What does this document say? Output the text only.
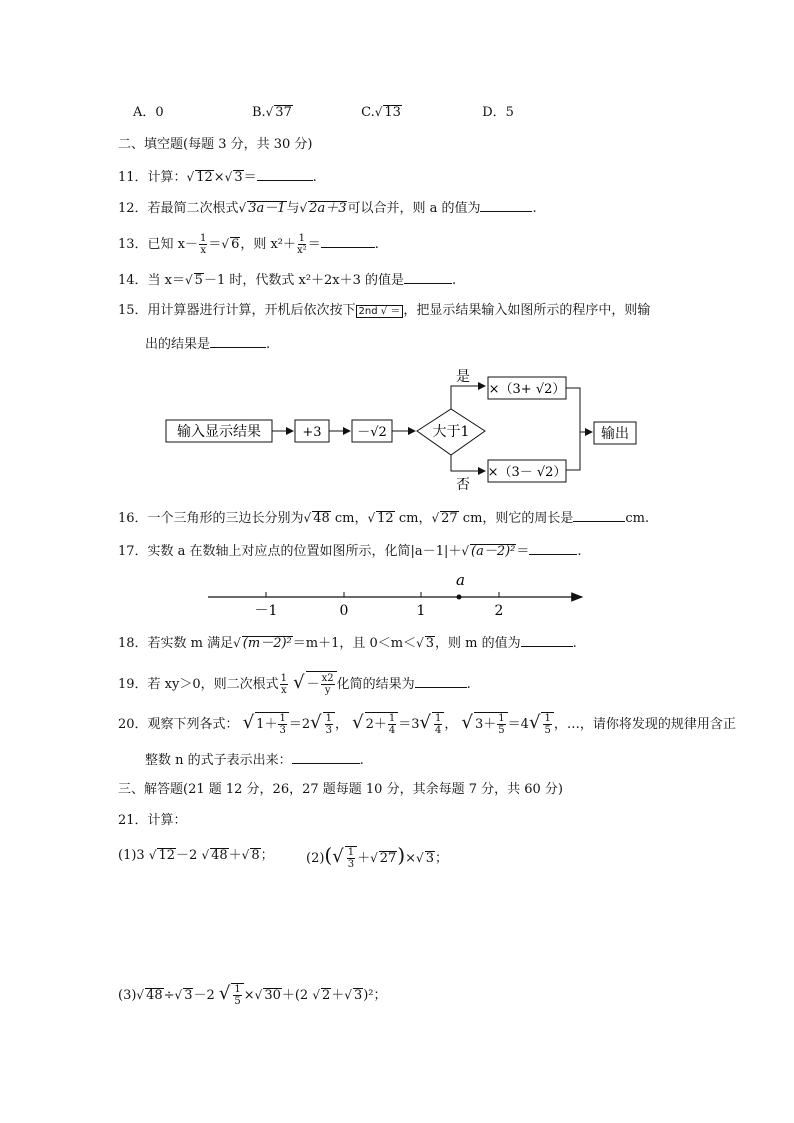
A．0	B.√ 37	C.√ 13	D．5
二、填空题(每题 3 分，共 30 分)
11．计算：√ 12×√ 3＝	.
12．若最简二次根式√ 3a－1与√ 2a＋3可以合并，则 a 的值为	.
13．已知 $x- \frac{1}{x}$ ＝√ 6，则 $x^2+ \frac{1}{\text{x²}}$ ＝	.
14．当 x＝√ 5－1 时，代数式 x²＋2x＋3 的值是	.
15．用计算器进行计算，开机后依次按下 2nd √ ＝ ，把显示结果输入如图所示的程序中，则输
出的结果是	.
输入显示结果	+3	－√2	大于1
是
×（3+ √2）
否
×（3－ √2）
输出
16．一个三角形的三边长分别为√ 48 cm，√ 12 cm，√ 27 cm，则它的周长是	cm.
17．实数 a 在数轴上对应点的位置如图所示，化简|a－1|＋√ (a－2)²＝	.
a
－1	0	1	2
18．若实数 m 满足√ (m－2)²＝m＋1，且 0＜m＜√ 3，则 m 的值为	.
19．若 xy＞0，则二次根式 $\frac{1}{x}$ √ － $\frac{x2}{y}$ 化简的结果为	.
20．观察下列各式： √ $1+ \frac{1}{3} =2√ \frac{1}{3}$ ， √ $2+ \frac{1}{4} =3√ \frac{1}{4}$ ， √ $3+ \frac{1}{5} =4√ \frac{1}{5}$ ，…，请你将发现的规律用含正
整数 n 的式子表示出来：	.
三、解答题(21 题 12 分，26，27 题每题 10 分，其余每题 7 分，共 60 分)
21．计算：
(1)3 √ 12－2 √ 48＋√ 8； $(2)(√ \frac{1}{3}$ ＋√ 27)×√ 3；
(3)√ 48÷√ 3－2 √ $\frac{1}{5}$ ×√ 30＋(2 √ 2＋√ 3)²；
